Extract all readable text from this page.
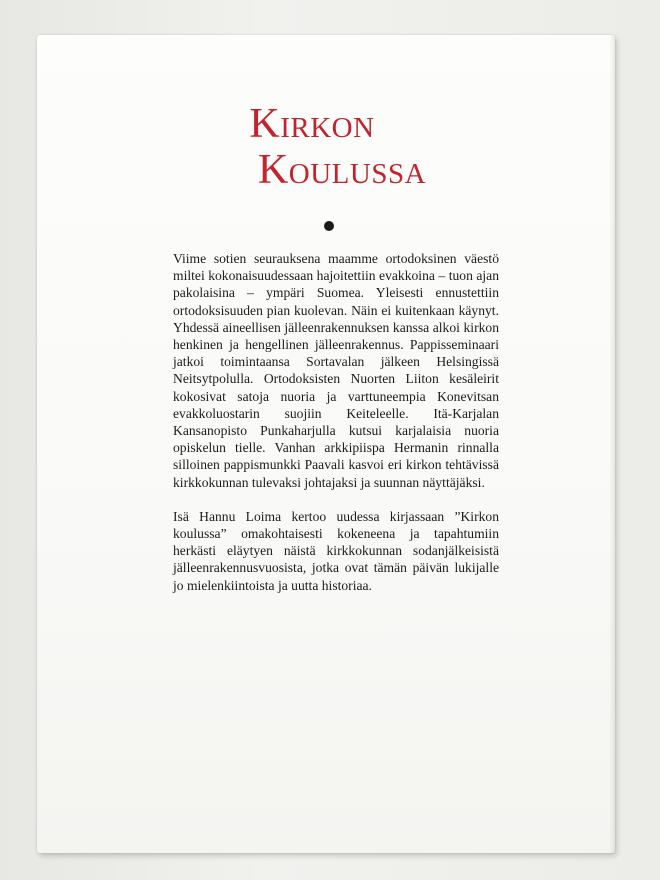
Kirkon
Koulussa

Viime sotien seurauksena maamme ortodoksinen väestö miltei kokonaisuudessaan hajoitettiin evakkoina – tuon ajan pakolaisina – ympäri Suomea. Yleisesti ennustettiin ortodoksisuuden pian kuolevan. Näin ei kuitenkaan käynyt. Yhdessä aineellisen jälleenrakennuksen kanssa alkoi kirkon henkinen ja hengellinen jälleenrakennus. Pappisseminaari jatkoi toimintaansa Sortavalan jälkeen Helsingissä Neitsytpolulla. Ortodoksisten Nuorten Liiton kesäleirit kokosivat satoja nuoria ja varttuneempia Konevitsan evakkoluostarin suojiin Keiteleelle. Itä-Karjalan Kansanopisto Punkaharjulla kutsui karjalaisia nuoria opiskelun tielle. Vanhan arkkipiispa Hermanin rinnalla silloinen pappismunkki Paavali kasvoi eri kirkon tehtävissä kirkkokunnan tulevaksi johtajaksi ja suunnan näyttäjäksi.

Isä Hannu Loima kertoo uudessa kirjassaan ”Kirkon koulussa” omakohtaisesti kokeneena ja tapahtumiin herkästi eläytyen näistä kirkkokunnan sodanjälkeisistä jälleenrakennusvuosista, jotka ovat tämän päivän lukijalle jo mielenkiintoista ja uutta historiaa.
